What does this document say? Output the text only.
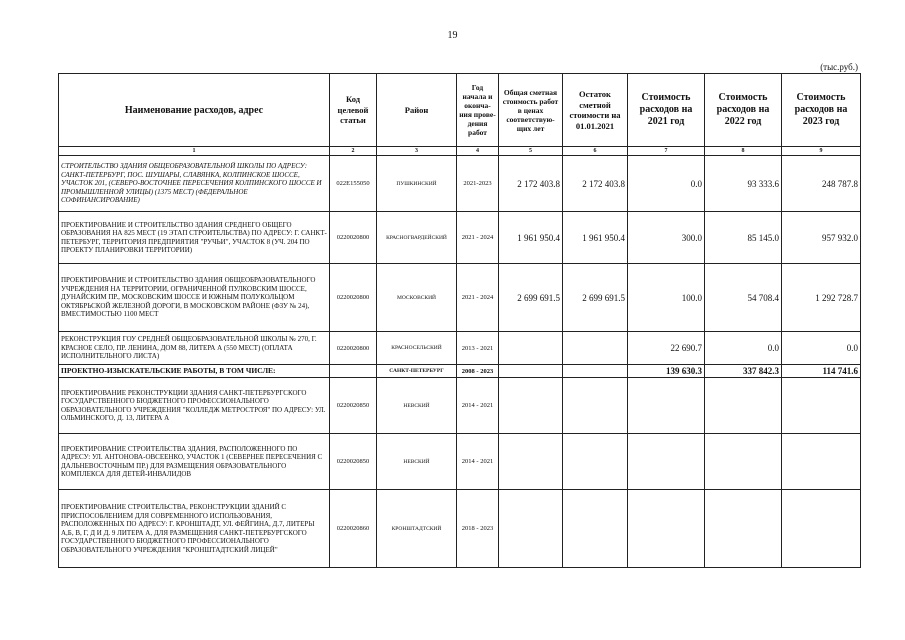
19
(тыс.руб.)
Наименование расходов, адрес	Код целевой статьи	Район	Год начала и оконча-ния прове-дения работ	Общая сметная стоимость работ в ценах соответствую-щих лет	Остаток сметной стоимости на 01.01.2021	Стоимость расходов на 2021 год	Стоимость расходов на 2022 год	Стоимость расходов на 2023 год
1	2	3	4	5	6	7	8	9
СТРОИТЕЛЬСТВО ЗДАНИЯ ОБЩЕОБРАЗОВАТЕЛЬНОЙ ШКОЛЫ ПО АДРЕСУ: САНКТ-ПЕТЕРБУРГ, ПОС. ШУШАРЫ, СЛАВЯНКА, КОЛПИНСКОЕ ШОССЕ, УЧАСТОК 201, (СЕВЕРО-ВОСТОЧНЕЕ ПЕРЕСЕЧЕНИЯ КОЛПИНСКОГО ШОССЕ И ПРОМЫШЛЕННОЙ УЛИЦЫ) (1375 МЕСТ) (ФЕДЕРАЛЬНОЕ СОФИНАНСИРОВАНИЕ)	022Е155050	ПУШКИНСКИЙ	2021-2023	2 172 403.8	2 172 403.8	0.0	93 333.6	248 787.8
ПРОЕКТИРОВАНИЕ И СТРОИТЕЛЬСТВО ЗДАНИЯ СРЕДНЕГО ОБЩЕГО ОБРАЗОВАНИЯ НА 825 МЕСТ (19 ЭТАП СТРОИТЕЛЬСТВА) ПО АДРЕСУ: Г. САНКТ-ПЕТЕРБУРГ, ТЕРРИТОРИЯ ПРЕДПРИЯТИЯ "РУЧЬИ", УЧАСТОК 8 (УЧ. 204 ПО ПРОЕКТУ ПЛАНИРОВКИ ТЕРРИТОРИИ)	0220020800	КРАСНОГВАРДЕЙСКИЙ	2021 - 2024	1 961 950.4	1 961 950.4	300.0	85 145.0	957 932.0
ПРОЕКТИРОВАНИЕ И СТРОИТЕЛЬСТВО ЗДАНИЯ ОБЩЕОБРАЗОВАТЕЛЬНОГО УЧРЕЖДЕНИЯ НА ТЕРРИТОРИИ, ОГРАНИЧЕННОЙ ПУЛКОВСКИМ ШОССЕ, ДУНАЙСКИМ ПР., МОСКОВСКИМ ШОССЕ И ЮЖНЫМ ПОЛУКОЛЬЦОМ ОКТЯБРЬСКОЙ ЖЕЛЕЗНОЙ ДОРОГИ, В МОСКОВСКОМ РАЙОНЕ (ФЗУ № 24), ВМЕСТИМОСТЬЮ 1100 МЕСТ	0220020800	МОСКОВСКИЙ	2021 - 2024	2 699 691.5	2 699 691.5	100.0	54 708.4	1 292 728.7
РЕКОНСТРУКЦИЯ ГОУ СРЕДНЕЙ ОБЩЕОБРАЗОВАТЕЛЬНОЙ ШКОЛЫ № 270, Г. КРАСНОЕ СЕЛО, ПР. ЛЕНИНА, ДОМ 88, ЛИТЕРА А (550 МЕСТ) (ОПЛАТА ИСПОЛНИТЕЛЬНОГО ЛИСТА)	0220020800	КРАСНОСЕЛЬСКИЙ	2013 - 2021			22 690.7	0.0	0.0
ПРОЕКТНО-ИЗЫСКАТЕЛЬСКИЕ РАБОТЫ, В ТОМ ЧИСЛЕ:		САНКТ-ПЕТЕРБУРГ	2008 - 2023			139 630.3	337 842.3	114 741.6
ПРОЕКТИРОВАНИЕ РЕКОНСТРУКЦИИ ЗДАНИЯ САНКТ-ПЕТЕРБУРГСКОГО ГОСУДАРСТВЕННОГО БЮДЖЕТНОГО ПРОФЕССИОНАЛЬНОГО ОБРАЗОВАТЕЛЬНОГО УЧРЕЖДЕНИЯ "КОЛЛЕДЖ МЕТРОСТРОЯ" ПО АДРЕСУ: УЛ. ОЛЬМИНСКОГО, Д. 13, ЛИТЕРА А	0220020850	НЕВСКИЙ	2014 - 2021					
ПРОЕКТИРОВАНИЕ СТРОИТЕЛЬСТВА ЗДАНИЯ, РАСПОЛОЖЕННОГО ПО АДРЕСУ: УЛ. АНТОНОВА-ОВСЕЕНКО, УЧАСТОК 1 (СЕВЕРНЕЕ ПЕРЕСЕЧЕНИЯ С ДАЛЬНЕВОСТОЧНЫМ ПР.) ДЛЯ РАЗМЕЩЕНИЯ ОБРАЗОВАТЕЛЬНОГО КОМПЛЕКСА ДЛЯ ДЕТЕЙ-ИНВАЛИДОВ	0220020850	НЕВСКИЙ	2014 - 2021					
ПРОЕКТИРОВАНИЕ СТРОИТЕЛЬСТВА, РЕКОНСТРУКЦИИ ЗДАНИЙ С ПРИСПОСОБЛЕНИЕМ ДЛЯ СОВРЕМЕННОГО ИСПОЛЬЗОВАНИЯ, РАСПОЛОЖЕННЫХ ПО АДРЕСУ: Г. КРОНШТАДТ, УЛ. ФЕЙГИНА, Д.7, ЛИТЕРЫ А,Б, В, Г, Д И Д. 9 ЛИТЕРА А, ДЛЯ РАЗМЕЩЕНИЯ САНКТ-ПЕТЕРБУРГСКОГО ГОСУДАРСТВЕННОГО БЮДЖЕТНОГО ПРОФЕССИОНАЛЬНОГО ОБРАЗОВАТЕЛЬНОГО УЧРЕЖДЕНИЯ "КРОНШТАДТСКИЙ ЛИЦЕЙ"	0220020860	КРОНШТАДТСКИЙ	2018 - 2023					
